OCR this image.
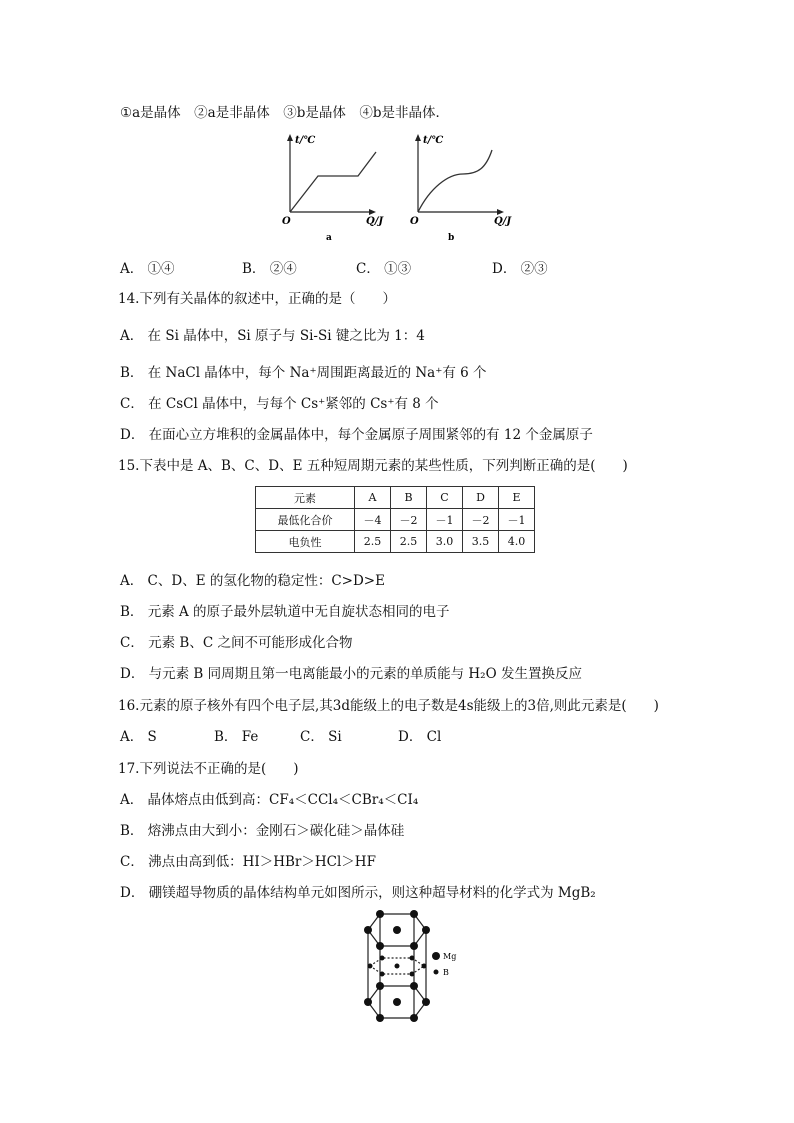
①a是晶体　②a是非晶体　③b是晶体　④b是非晶体．
t/℃
O	Q/J
a
t/℃
O	Q/J
b
A． ①④	B． ②④	C． ①③	D． ②③
14.下列有关晶体的叙述中，正确的是（　　）
A． 在 Si 晶体中，Si 原子与 Si-Si 键之比为 1：4
B． 在 NaCl 晶体中，每个 Na⁺周围距离最近的 Na⁺有 6 个
C． 在 CsCl 晶体中，与每个 Cs⁺紧邻的 Cs⁺有 8 个
D． 在面心立方堆积的金属晶体中，每个金属原子周围紧邻的有 12 个金属原子
15.下表中是 A、B、C、D、E 五种短周期元素的某些性质，下列判断正确的是(　　)
元素	A	B	C	D	E
最低化合价	－4	－2	－1	－2	－1
电负性	2.5	2.5	3.0	3.5	4.0
A． C、D、E 的氢化物的稳定性：C>D>E
B． 元素 A 的原子最外层轨道中无自旋状态相同的电子
C． 元素 B、C 之间不可能形成化合物
D． 与元素 B 同周期且第一电离能最小的元素的单质能与 H₂O 发生置换反应
16.元素的原子核外有四个电子层,其3d能级上的电子数是4s能级上的3倍,则此元素是(　　)
A． S	B． Fe	C． Si	D． Cl
17.下列说法不正确的是(　　)
A． 晶体熔点由低到高：CF₄＜CCl₄＜CBr₄＜CI₄
B． 熔沸点由大到小：金刚石＞碳化硅＞晶体硅
C． 沸点由高到低：HI＞HBr＞HCl＞HF
D． 硼镁超导物质的晶体结构单元如图所示，则这种超导材料的化学式为 MgB₂
Mg
B
